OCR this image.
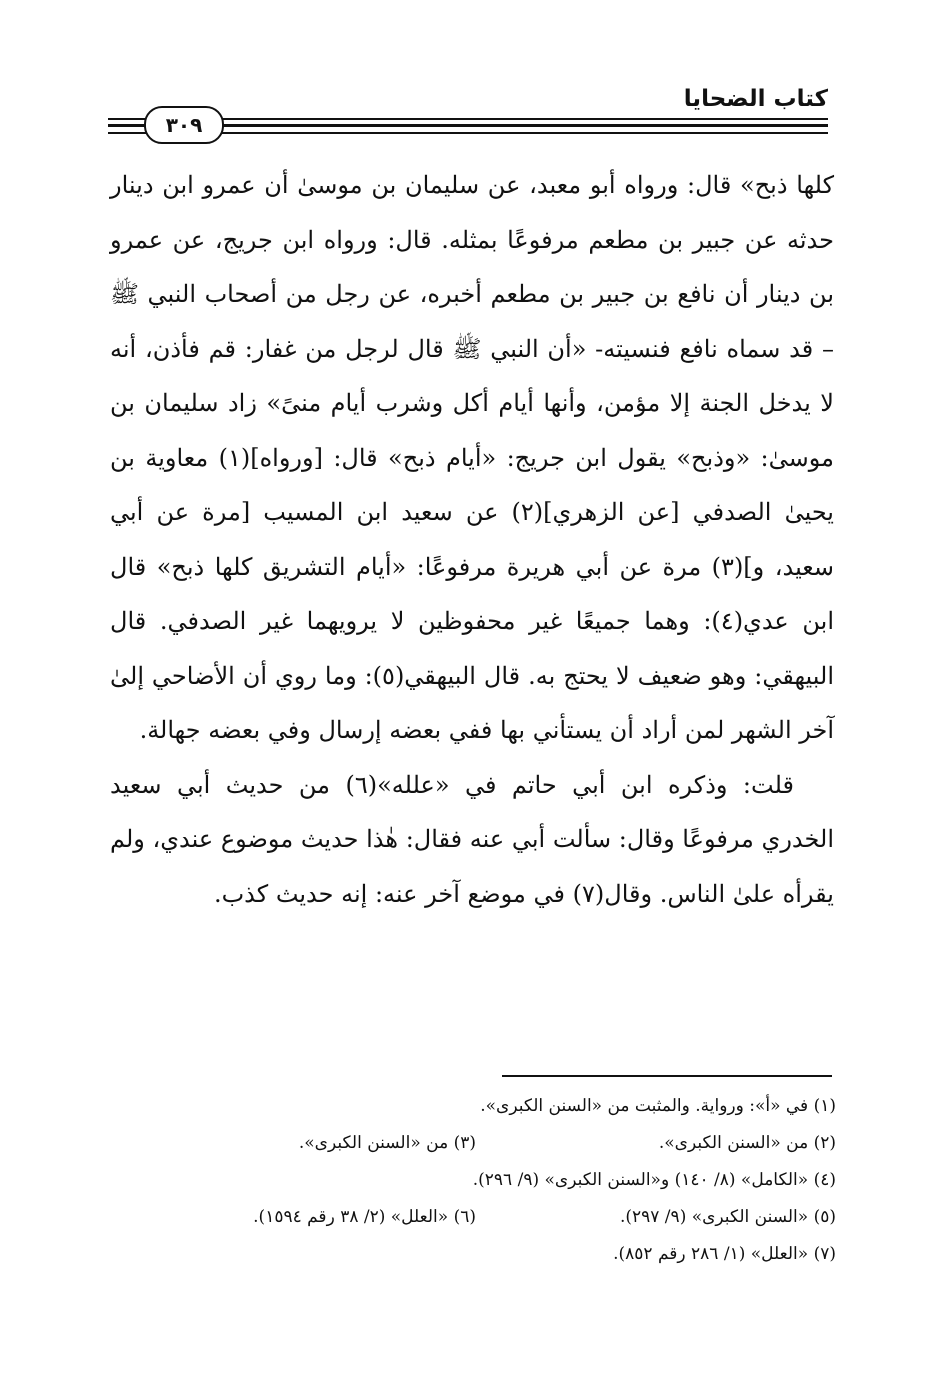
كتاب الضحايا
٣٠٩

كلها ذبح» قال: ورواه أبو معبد، عن سليمان بن موسىٰ أن عمرو ابن دينار حدثه عن جبير بن مطعم مرفوعًا بمثله. قال: ورواه ابن جريج، عن عمرو بن دينار أن نافع بن جبير بن مطعم أخبره، عن رجل من أصحاب النبي ﷺ – قد سماه نافع فنسيته- «أن النبي ﷺ قال لرجل من غفار: قم فأذن، أنه لا يدخل الجنة إلا مؤمن، وأنها أيام أكل وشرب أيام منىً» زاد سليمان بن موسىٰ: «وذبح» يقول ابن جريج: «أيام ذبح» قال: [ورواه](١) معاوية بن يحيىٰ الصدفي [عن الزهري](٢) عن سعيد ابن المسيب [مرة عن أبي سعيد، و](٣) مرة عن أبي هريرة مرفوعًا: «أيام التشريق كلها ذبح» قال ابن عدي(٤): وهما جميعًا غير محفوظين لا يرويهما غير الصدفي. قال البيهقي: وهو ضعيف لا يحتج به. قال البيهقي(٥): وما روي أن الأضاحي إلىٰ آخر الشهر لمن أراد أن يستأني بها ففي بعضه إرسال وفي بعضه جهالة.

قلت: وذكره ابن أبي حاتم في «علله»(٦) من حديث أبي سعيد الخدري مرفوعًا وقال: سألت أبي عنه فقال: هٰذا حديث موضوع عندي، ولم يقرأه علىٰ الناس. وقال(٧) في موضع آخر عنه: إنه حديث كذب.

(١) في «أ»: ورواية. والمثبت من «السنن الكبرى».
(٢) من «السنن الكبرى».(٣) من «السنن الكبرى».
(٤) «الكامل» (٨/ ١٤٠) و«السنن الكبرى» (٩/ ٢٩٦).
(٥) «السنن الكبرى» (٩/ ٢٩٧).(٦) «العلل» (٢/ ٣٨ رقم ١٥٩٤).
(٧) «العلل» (١/ ٢٨٦ رقم ٨٥٢).
